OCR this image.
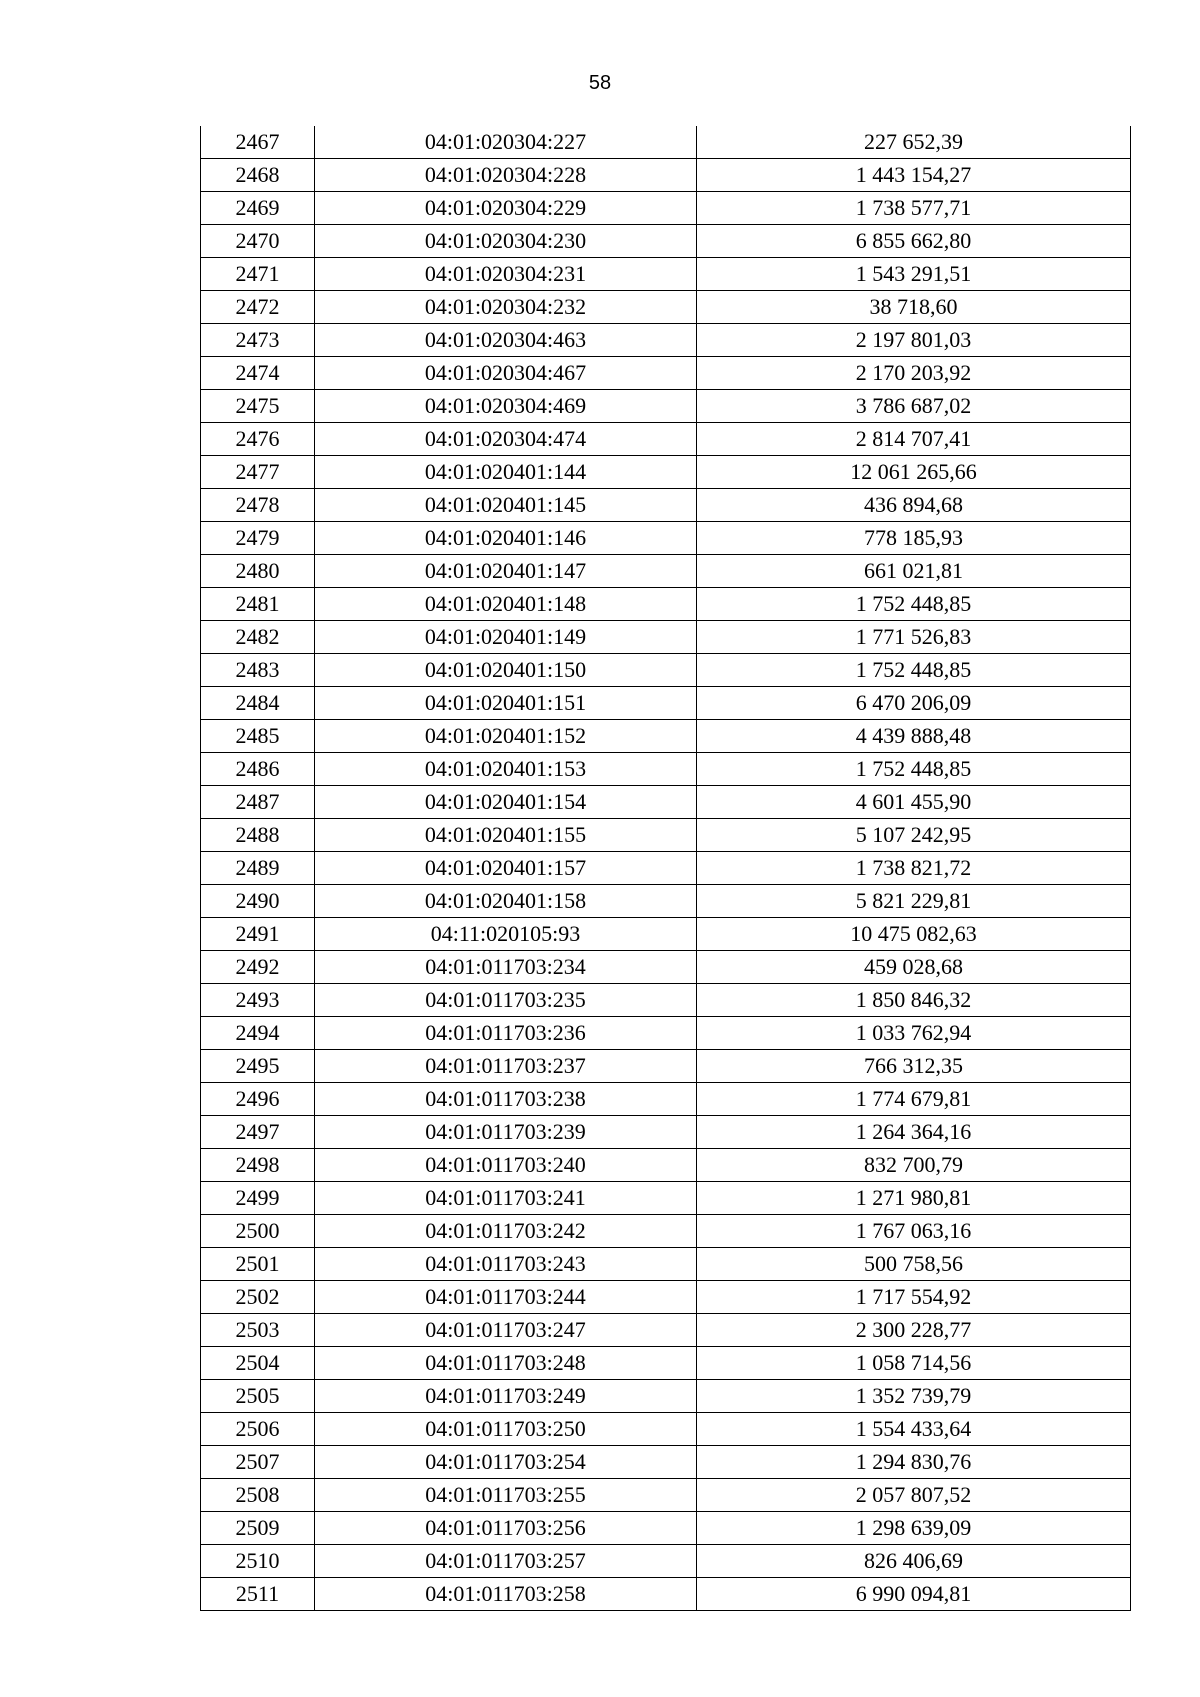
58
2467	04:01:020304:227	227 652,39
2468	04:01:020304:228	1 443 154,27
2469	04:01:020304:229	1 738 577,71
2470	04:01:020304:230	6 855 662,80
2471	04:01:020304:231	1 543 291,51
2472	04:01:020304:232	38 718,60
2473	04:01:020304:463	2 197 801,03
2474	04:01:020304:467	2 170 203,92
2475	04:01:020304:469	3 786 687,02
2476	04:01:020304:474	2 814 707,41
2477	04:01:020401:144	12 061 265,66
2478	04:01:020401:145	436 894,68
2479	04:01:020401:146	778 185,93
2480	04:01:020401:147	661 021,81
2481	04:01:020401:148	1 752 448,85
2482	04:01:020401:149	1 771 526,83
2483	04:01:020401:150	1 752 448,85
2484	04:01:020401:151	6 470 206,09
2485	04:01:020401:152	4 439 888,48
2486	04:01:020401:153	1 752 448,85
2487	04:01:020401:154	4 601 455,90
2488	04:01:020401:155	5 107 242,95
2489	04:01:020401:157	1 738 821,72
2490	04:01:020401:158	5 821 229,81
2491	04:11:020105:93	10 475 082,63
2492	04:01:011703:234	459 028,68
2493	04:01:011703:235	1 850 846,32
2494	04:01:011703:236	1 033 762,94
2495	04:01:011703:237	766 312,35
2496	04:01:011703:238	1 774 679,81
2497	04:01:011703:239	1 264 364,16
2498	04:01:011703:240	832 700,79
2499	04:01:011703:241	1 271 980,81
2500	04:01:011703:242	1 767 063,16
2501	04:01:011703:243	500 758,56
2502	04:01:011703:244	1 717 554,92
2503	04:01:011703:247	2 300 228,77
2504	04:01:011703:248	1 058 714,56
2505	04:01:011703:249	1 352 739,79
2506	04:01:011703:250	1 554 433,64
2507	04:01:011703:254	1 294 830,76
2508	04:01:011703:255	2 057 807,52
2509	04:01:011703:256	1 298 639,09
2510	04:01:011703:257	826 406,69
2511	04:01:011703:258	6 990 094,81
